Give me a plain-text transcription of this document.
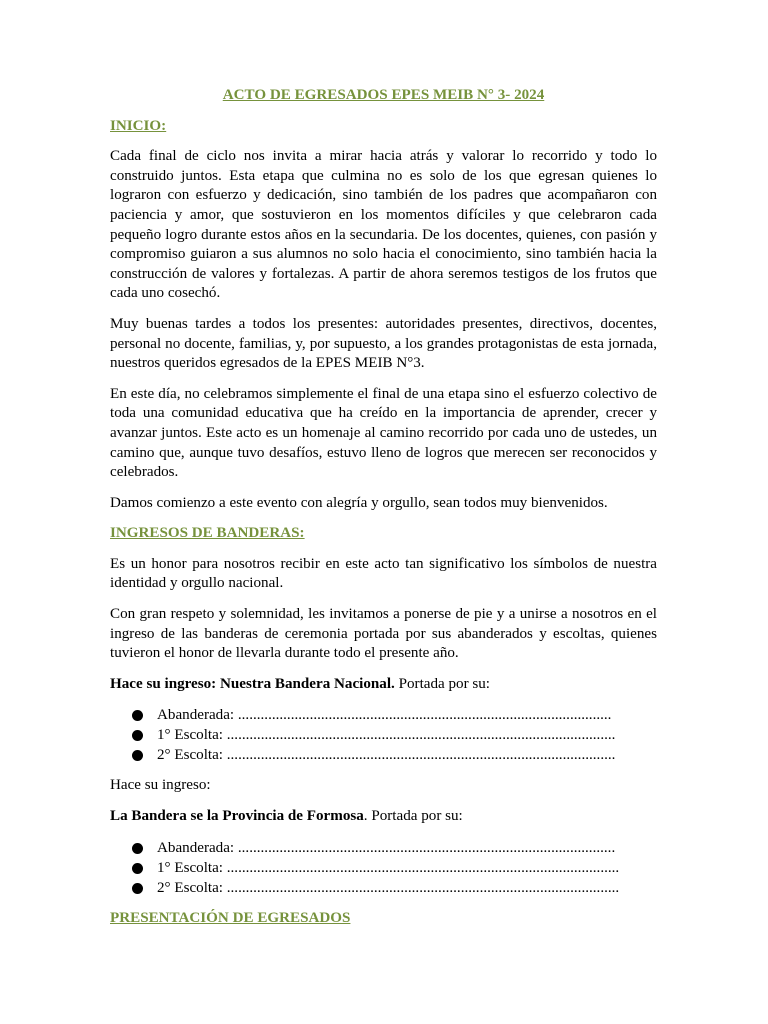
ACTO DE EGRESADOS EPES MEIB N° 3- 2024
INICIO:

Cada final de ciclo nos invita a mirar hacia atrás y valorar lo recorrido y todo lo construido juntos. Esta etapa que culmina no es solo de los que egresan quienes lo lograron con esfuerzo y dedicación, sino también de los padres que acompañaron con paciencia y amor, que sostuvieron en los momentos difíciles y que celebraron cada pequeño logro durante estos años en la secundaria. De los docentes, quienes, con pasión y compromiso guiaron a sus alumnos no solo hacia el conocimiento, sino también hacia la construcción de valores y fortalezas. A partir de ahora seremos testigos de los frutos que cada uno cosechó.

Muy buenas tardes a todos los presentes: autoridades presentes, directivos, docentes, personal no docente, familias, y, por supuesto, a los grandes protagonistas de esta jornada, nuestros queridos egresados de la EPES MEIB N°3.

En este día, no celebramos simplemente el final de una etapa sino el esfuerzo colectivo de toda una comunidad educativa que ha creído en la importancia de aprender, crecer y avanzar juntos. Este acto es un homenaje al camino recorrido por cada uno de ustedes, un camino que, aunque tuvo desafíos, estuvo lleno de logros que merecen ser reconocidos y celebrados.

Damos comienzo a este evento con alegría y orgullo, sean todos muy bienvenidos.

INGRESOS DE BANDERAS:

Es un honor para nosotros recibir en este acto tan significativo los símbolos de nuestra identidad y orgullo nacional.

Con gran respeto y solemnidad, les invitamos a ponerse de pie y a unirse a nosotros en el ingreso de las banderas de ceremonia portada por sus abanderados y escoltas, quienes tuvieron el honor de llevarla durante todo el presente año.

Hace su ingreso: Nuestra Bandera Nacional. Portada por su:

Abanderada: ...................................................................................................
1° Escolta: .......................................................................................................
2° Escolta: .......................................................................................................

Hace su ingreso:

La Bandera se la Provincia de Formosa. Portada por su:

Abanderada: ....................................................................................................
1° Escolta: ........................................................................................................
2° Escolta: ........................................................................................................
PRESENTACIÓN DE EGRESADOS
